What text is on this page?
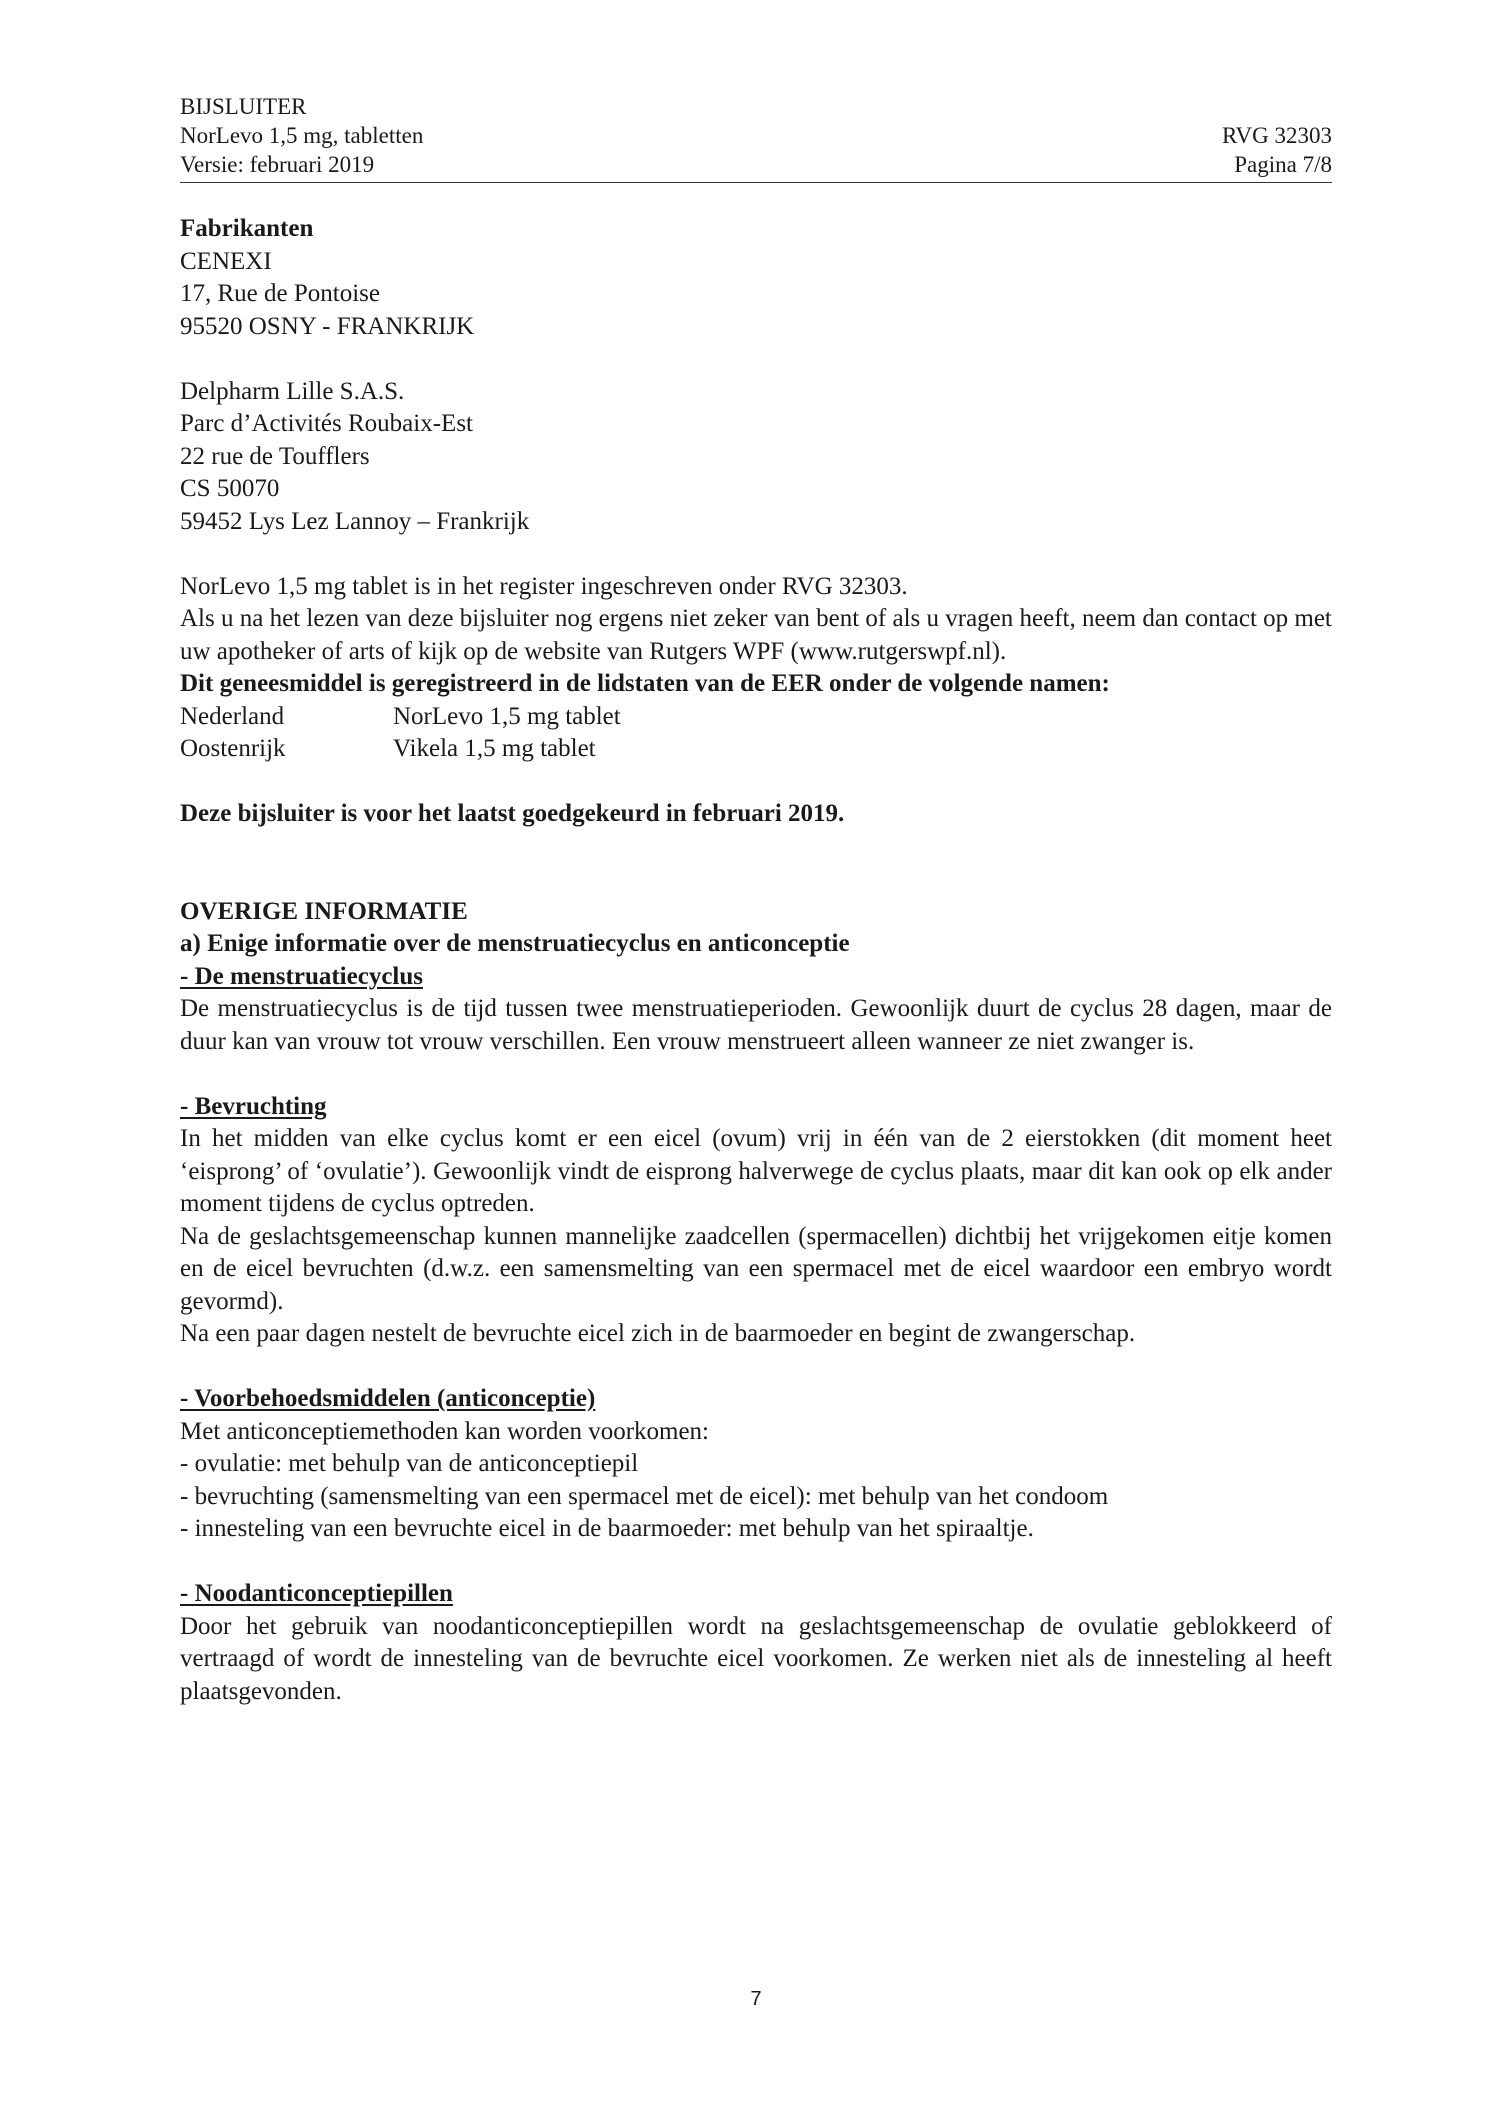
BIJSLUITER
NorLevo 1,5 mg, tabletten	RVG 32303
Versie: februari 2019	Pagina 7/8

Fabrikanten

CENEXI

17, Rue de Pontoise

95520 OSNY - FRANKRIJK

Delpharm Lille S.A.S.

Parc d’Activités Roubaix-Est

22 rue de Toufflers

CS 50070

59452 Lys Lez Lannoy – Frankrijk

NorLevo 1,5 mg tablet is in het register ingeschreven onder RVG 32303.

Als u na het lezen van deze bijsluiter nog ergens niet zeker van bent of als u vragen heeft, neem dan contact op met uw apotheker of arts of kijk op de website van Rutgers WPF (www.rutgerswpf.nl).

Dit geneesmiddel is geregistreerd in de lidstaten van de EER onder de volgende namen:

Nederland	NorLevo 1,5 mg tablet
Oostenrijk	Vikela 1,5 mg tablet

Deze bijsluiter is voor het laatst goedgekeurd in februari 2019.

OVERIGE INFORMATIE

a) Enige informatie over de menstruatiecyclus en anticonceptie

- De menstruatiecyclus

De menstruatiecyclus is de tijd tussen twee menstruatieperioden. Gewoonlijk duurt de cyclus 28 dagen, maar de duur kan van vrouw tot vrouw verschillen. Een vrouw menstrueert alleen wanneer ze niet zwanger is.

- Bevruchting

In het midden van elke cyclus komt er een eicel (ovum) vrij in één van de 2 eierstokken (dit moment heet ‘eisprong’ of ‘ovulatie’). Gewoonlijk vindt de eisprong halverwege de cyclus plaats, maar dit kan ook op elk ander moment tijdens de cyclus optreden.

Na de geslachtsgemeenschap kunnen mannelijke zaadcellen (spermacellen) dichtbij het vrijgekomen eitje komen en de eicel bevruchten (d.w.z. een samensmelting van een spermacel met de eicel waardoor een embryo wordt gevormd).

Na een paar dagen nestelt de bevruchte eicel zich in de baarmoeder en begint de zwangerschap.

- Voorbehoedsmiddelen (anticonceptie)

Met anticonceptiemethoden kan worden voorkomen:

- ovulatie: met behulp van de anticonceptiepil

- bevruchting (samensmelting van een spermacel met de eicel): met behulp van het condoom

- innesteling van een bevruchte eicel in de baarmoeder: met behulp van het spiraaltje.

- Noodanticonceptiepillen

Door het gebruik van noodanticonceptiepillen wordt na geslachtsgemeenschap de ovulatie geblokkeerd of vertraagd of wordt de innesteling van de bevruchte eicel voorkomen. Ze werken niet als de innesteling al heeft plaatsgevonden.

7
